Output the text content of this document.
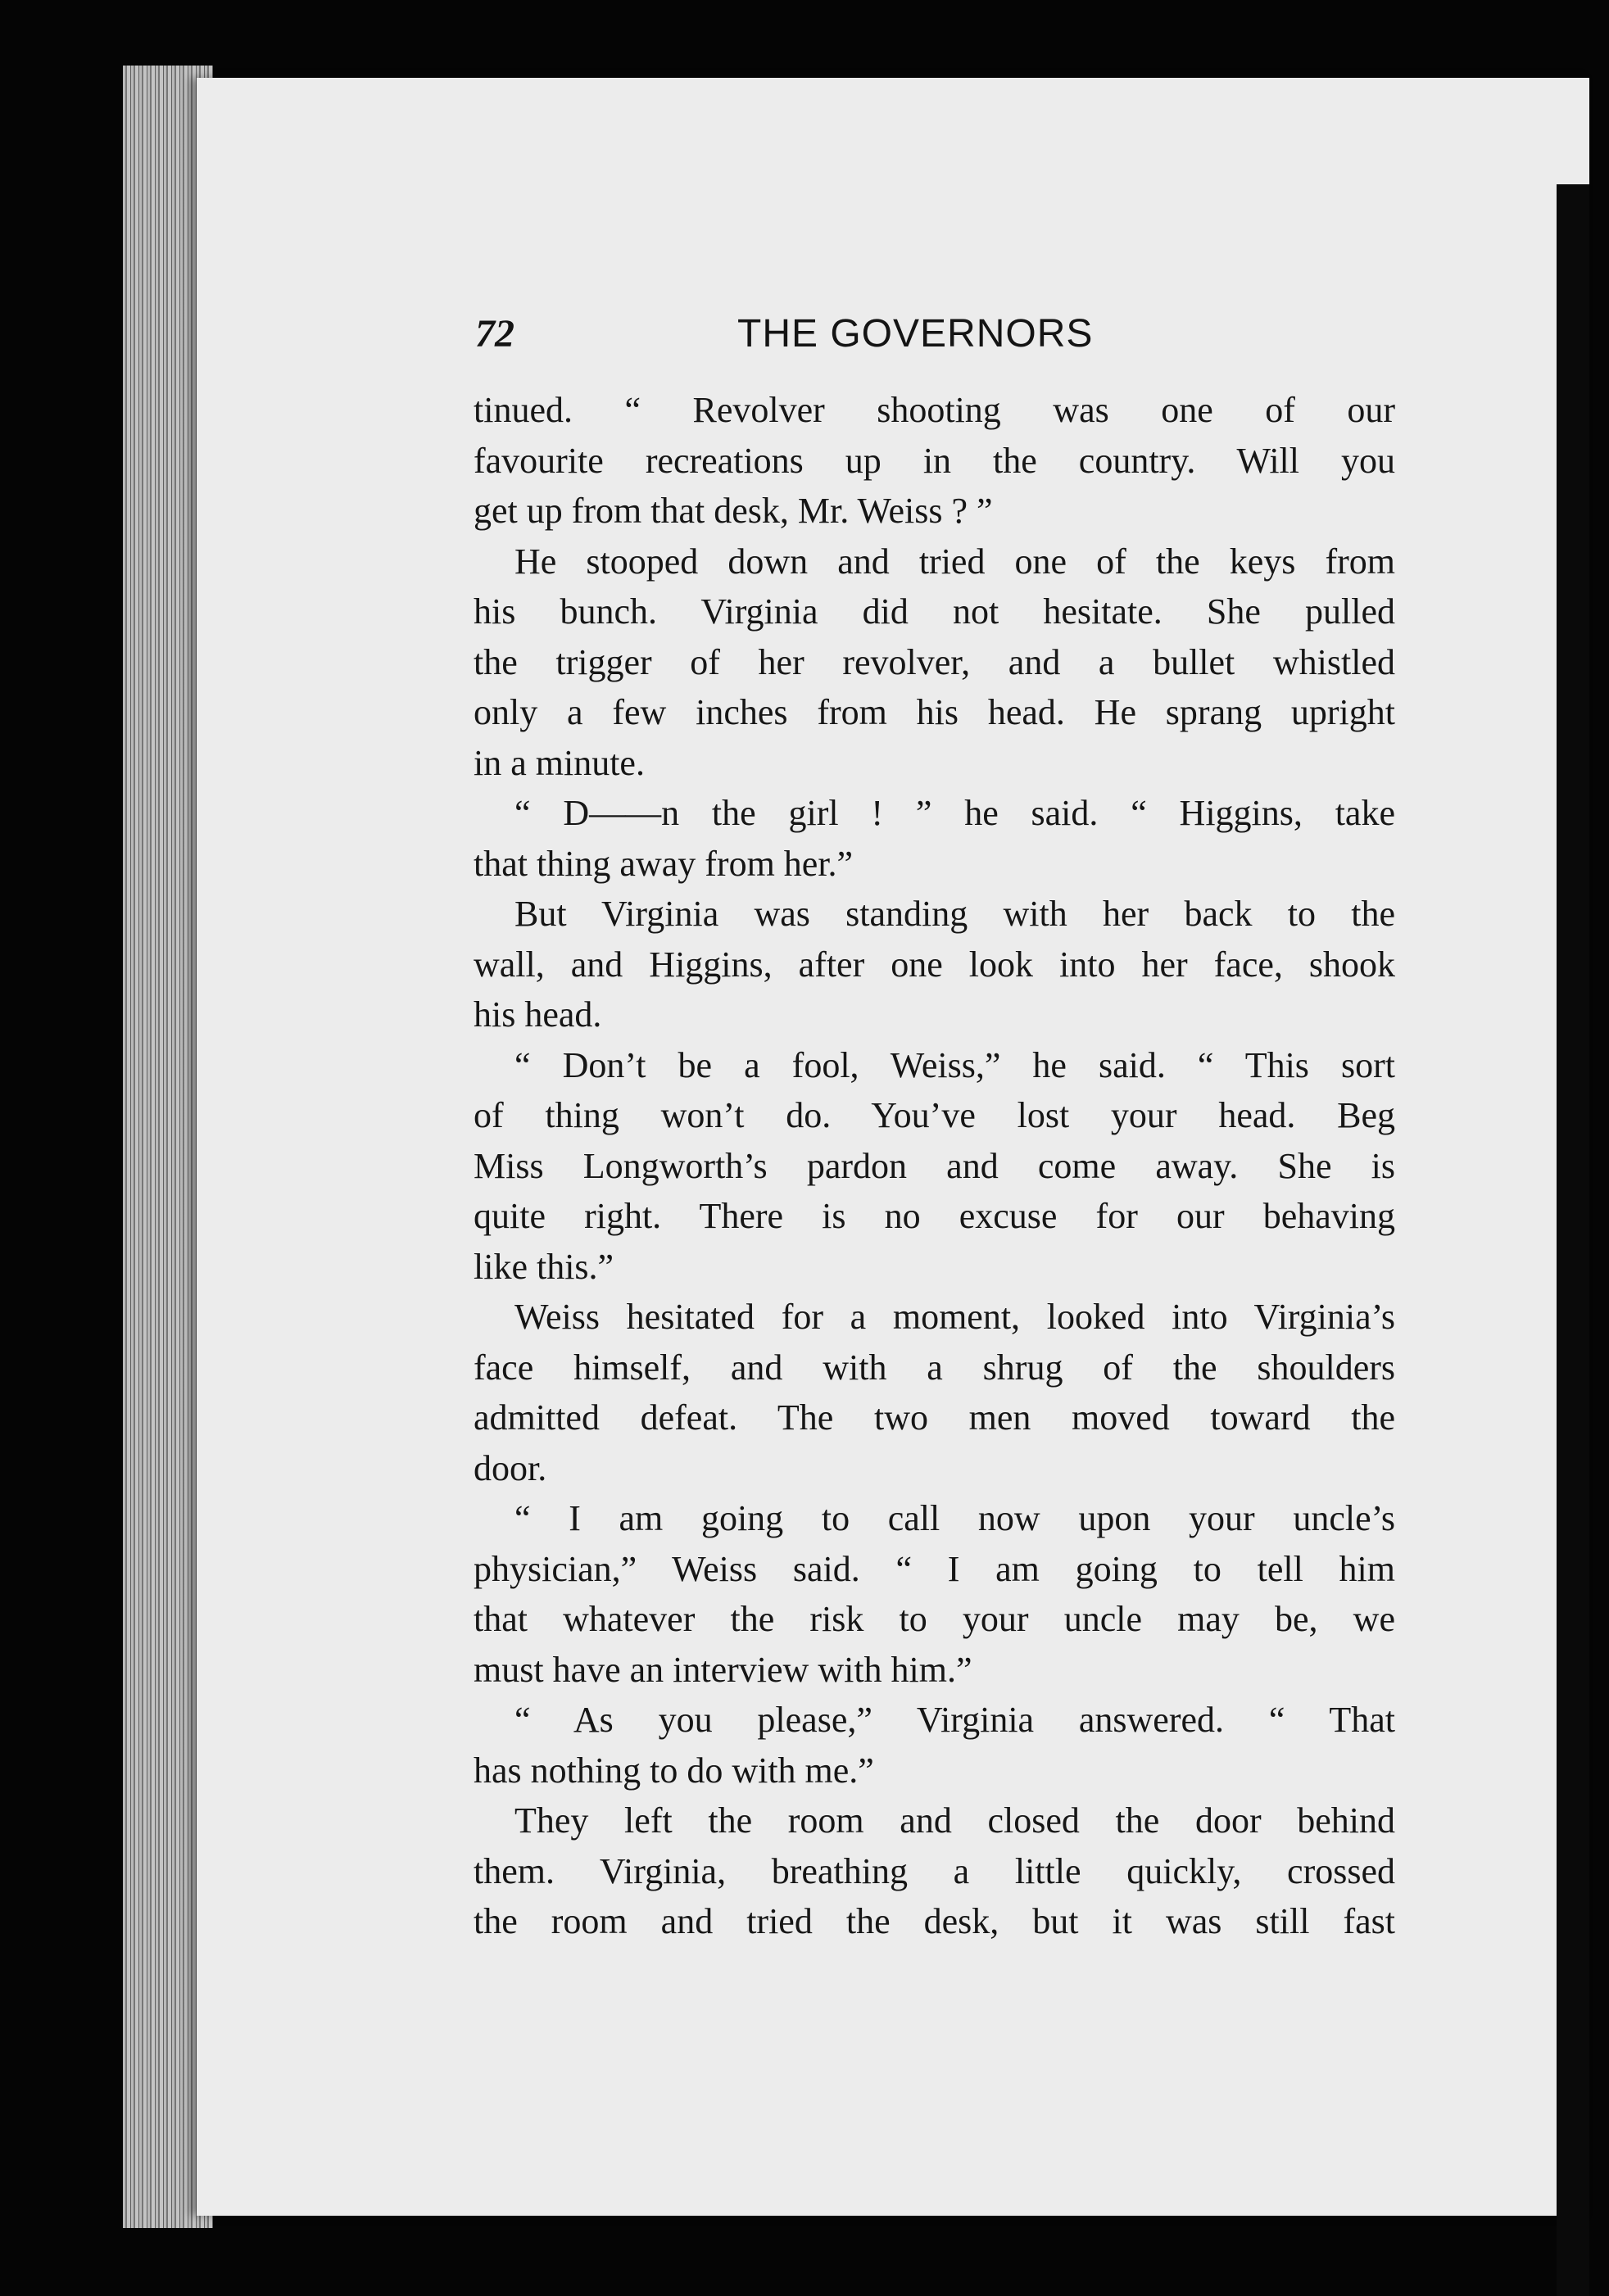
72	THE GOVERNORS
tinued. “ Revolver shooting was one of our
favourite recreations up in the country. Will you
get up from that desk, Mr. Weiss ? ”
He stooped down and tried one of the keys from
his bunch. Virginia did not hesitate. She pulled
the trigger of her revolver, and a bullet whistled
only a few inches from his head. He sprang upright
in a minute.
“ D——n the girl ! ” he said. “ Higgins, take
that thing away from her.”
But Virginia was standing with her back to the
wall, and Higgins, after one look into her face, shook
his head.
“ Don’t be a fool, Weiss,” he said. “ This sort
of thing won’t do. You’ve lost your head. Beg
Miss Longworth’s pardon and come away. She is
quite right. There is no excuse for our behaving
like this.”
Weiss hesitated for a moment, looked into Virginia’s
face himself, and with a shrug of the shoulders
admitted defeat. The two men moved toward the
door.
“ I am going to call now upon your uncle’s
physician,” Weiss said. “ I am going to tell him
that whatever the risk to your uncle may be, we
must have an interview with him.”
“ As you please,” Virginia answered. “ That
has nothing to do with me.”
They left the room and closed the door behind
them. Virginia, breathing a little quickly, crossed
the room and tried the desk, but it was still fast
